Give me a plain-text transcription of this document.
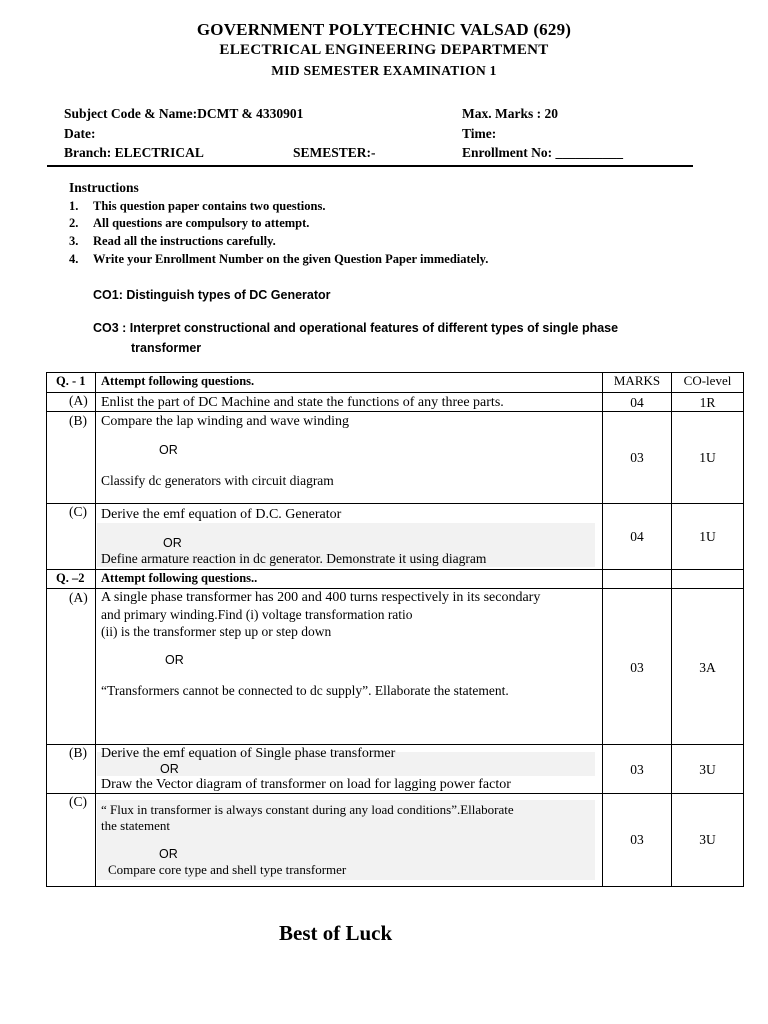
GOVERNMENT POLYTECHNIC VALSAD (629)
ELECTRICAL ENGINEERING DEPARTMENT
MID SEMESTER EXAMINATION 1
Subject Code & Name:DCMT & 4330901	Max. Marks : 20
Date:	Time:
Branch: ELECTRICAL	SEMESTER:-	Enrollment No: __________
Instructions
1. This question paper contains two questions.
2. All questions are compulsory to attempt.
3. Read all the instructions carefully.
4. Write your Enrollment Number on the given Question Paper immediately.
CO1: Distinguish types of DC Generator
CO3 : Interpret constructional and operational features of different types of single phase
transformer
Q. - 1 Attempt following questions.	MARKS	CO-level
(A) Enlist the part of DC Machine and state the functions of any three parts.	04	1R
(B) Compare the lap winding and wave winding
OR
Classify dc generators with circuit diagram
03	1U
(C) Derive the emf equation of D.C. Generator
OR
Define armature reaction in dc generator. Demonstrate it using diagram
04	1U
Q. –2 Attempt following questions..
(A) A single phase transformer has 200 and 400 turns respectively in its secondary
and primary winding.Find (i) voltage transformation ratio
(ii) is the transformer step up or step down
OR
“Transformers cannot be connected to dc supply”. Ellaborate the statement.
03	3A
(B) Derive the emf equation of Single phase transformer
OR
Draw the Vector diagram of transformer on load for lagging power factor
03	3U
(C)
“ Flux in transformer is always constant during any load conditions”.Ellaborate
the statement
OR
Compare core type and shell type transformer
03	3U
Best of Luck
